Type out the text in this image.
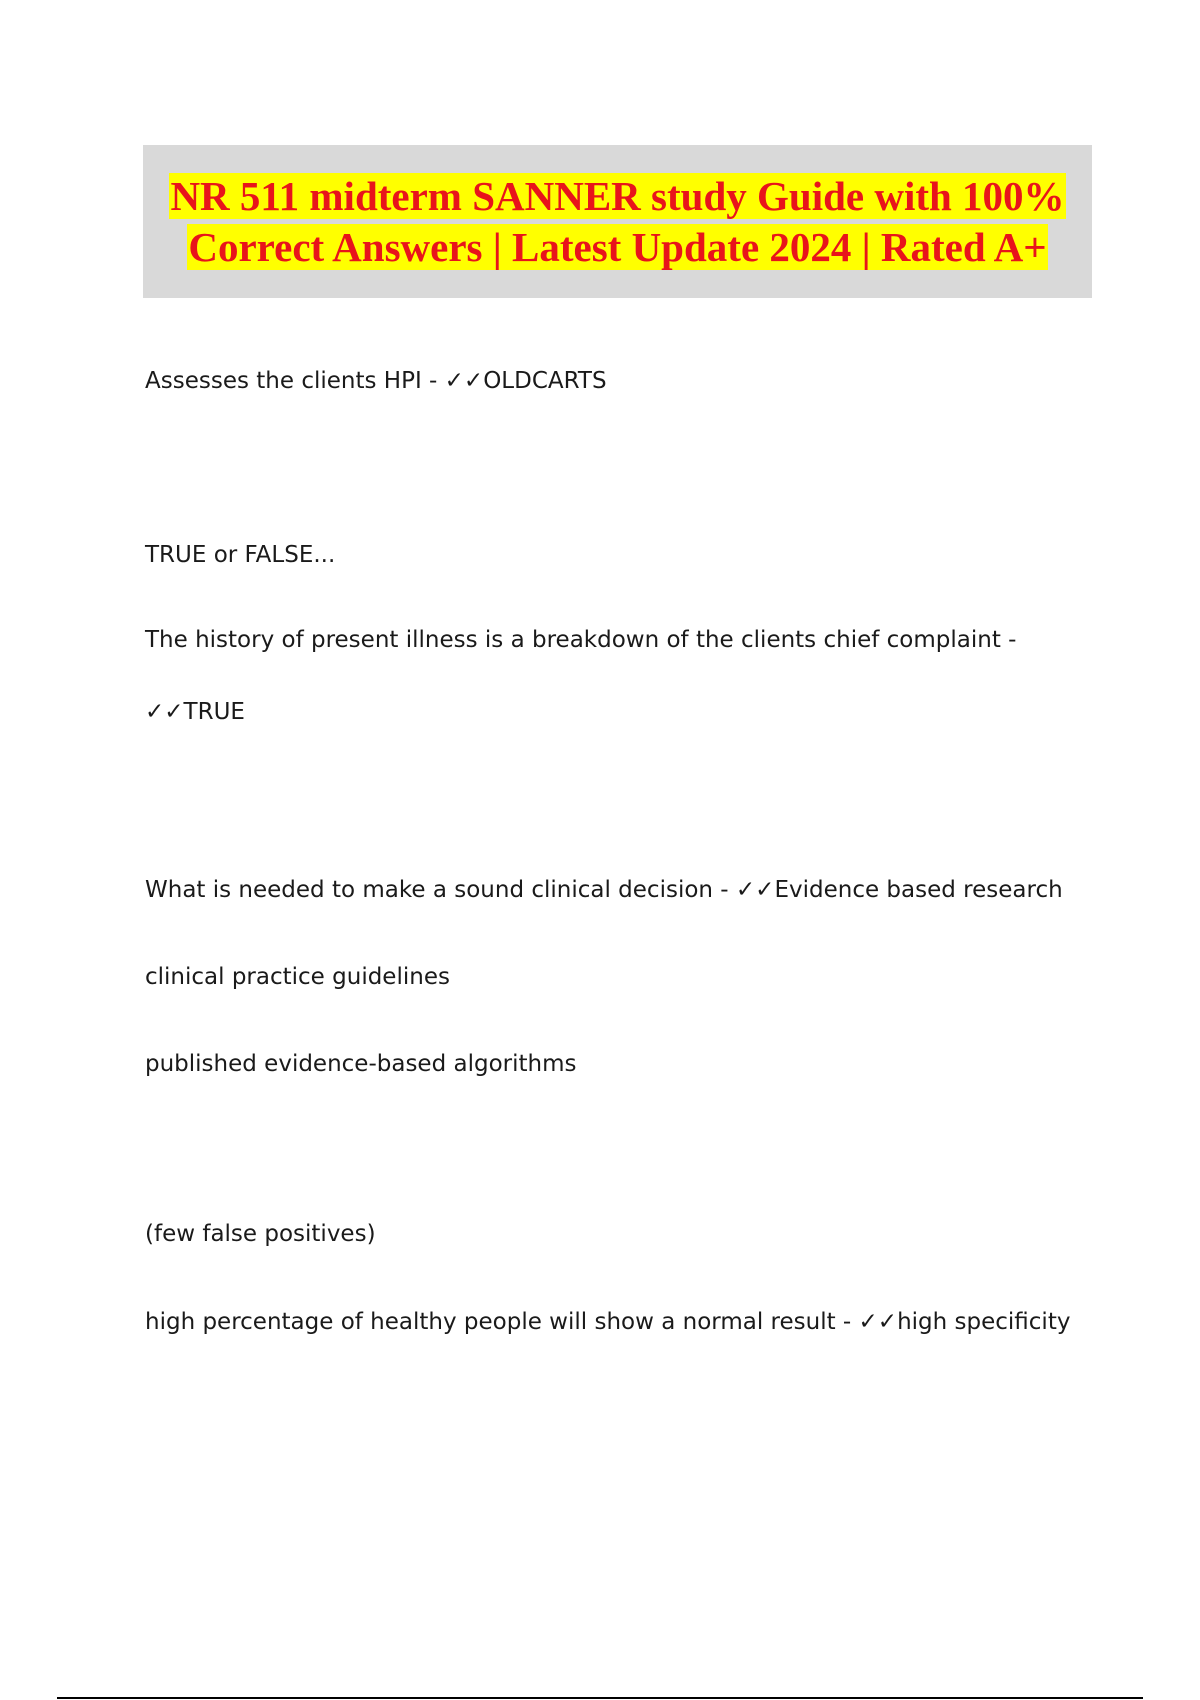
NR 511 midterm SANNER study Guide with 100% Correct Answers | Latest Update 2024 | Rated A+

Assesses the clients HPI - ✓✓OLDCARTS

TRUE or FALSE...

The history of present illness is a breakdown of the clients chief complaint -

✓✓TRUE

What is needed to make a sound clinical decision - ✓✓Evidence based research

clinical practice guidelines

published evidence-based algorithms

(few false positives)

high percentage of healthy people will show a normal result - ✓✓high specificity
